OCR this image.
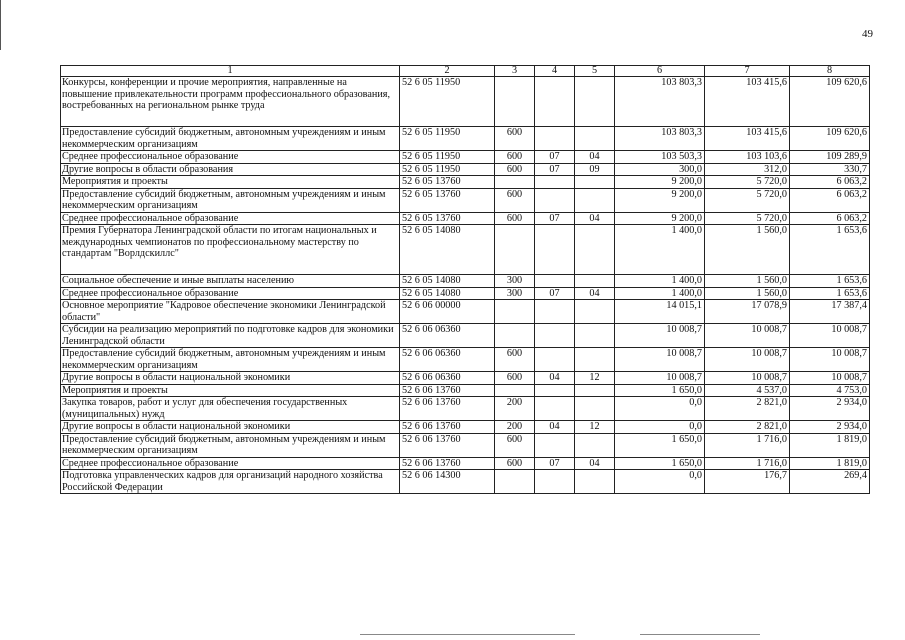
49
1	2	3	4	5	6	7	8
Конкурсы, конференции и прочие мероприятия, направленные на повышение привлекательности программ профессионального образования, востребованных на региональном рынке труда	52 6 05 11950				103 803,3	103 415,6	109 620,6
Предоставление субсидий бюджетным, автономным учреждениям и иным некоммерческим организациям	52 6 05 11950	600			103 803,3	103 415,6	109 620,6
Среднее профессиональное образование	52 6 05 11950	600	07	04	103 503,3	103 103,6	109 289,9
Другие вопросы в области образования	52 6 05 11950	600	07	09	300,0	312,0	330,7
Мероприятия и проекты	52 6 05 13760				9 200,0	5 720,0	6 063,2
Предоставление субсидий бюджетным, автономным учреждениям и иным некоммерческим организациям	52 6 05 13760	600			9 200,0	5 720,0	6 063,2
Среднее профессиональное образование	52 6 05 13760	600	07	04	9 200,0	5 720,0	6 063,2
Премия Губернатора Ленинградской области по итогам национальных и международных чемпионатов по профессиональному мастерству по стандартам "Ворлдскиллс"	52 6 05 14080				1 400,0	1 560,0	1 653,6
Социальное обеспечение и иные выплаты населению	52 6 05 14080	300			1 400,0	1 560,0	1 653,6
Среднее профессиональное образование	52 6 05 14080	300	07	04	1 400,0	1 560,0	1 653,6
Основное мероприятие "Кадровое обеспечение экономики Ленинградской области"	52 6 06 00000				14 015,1	17 078,9	17 387,4
Субсидии на реализацию мероприятий по подготовке кадров для экономики Ленинградской области	52 6 06 06360				10 008,7	10 008,7	10 008,7
Предоставление субсидий бюджетным, автономным учреждениям и иным некоммерческим организациям	52 6 06 06360	600			10 008,7	10 008,7	10 008,7
Другие вопросы в области национальной экономики	52 6 06 06360	600	04	12	10 008,7	10 008,7	10 008,7
Мероприятия и проекты	52 6 06 13760				1 650,0	4 537,0	4 753,0
Закупка товаров, работ и услуг для обеспечения государственных (муниципальных) нужд	52 6 06 13760	200			0,0	2 821,0	2 934,0
Другие вопросы в области национальной экономики	52 6 06 13760	200	04	12	0,0	2 821,0	2 934,0
Предоставление субсидий бюджетным, автономным учреждениям и иным некоммерческим организациям	52 6 06 13760	600			1 650,0	1 716,0	1 819,0
Среднее профессиональное образование	52 6 06 13760	600	07	04	1 650,0	1 716,0	1 819,0
Подготовка управленческих кадров для организаций народного хозяйства Российской Федерации	52 6 06 14300				0,0	176,7	269,4
